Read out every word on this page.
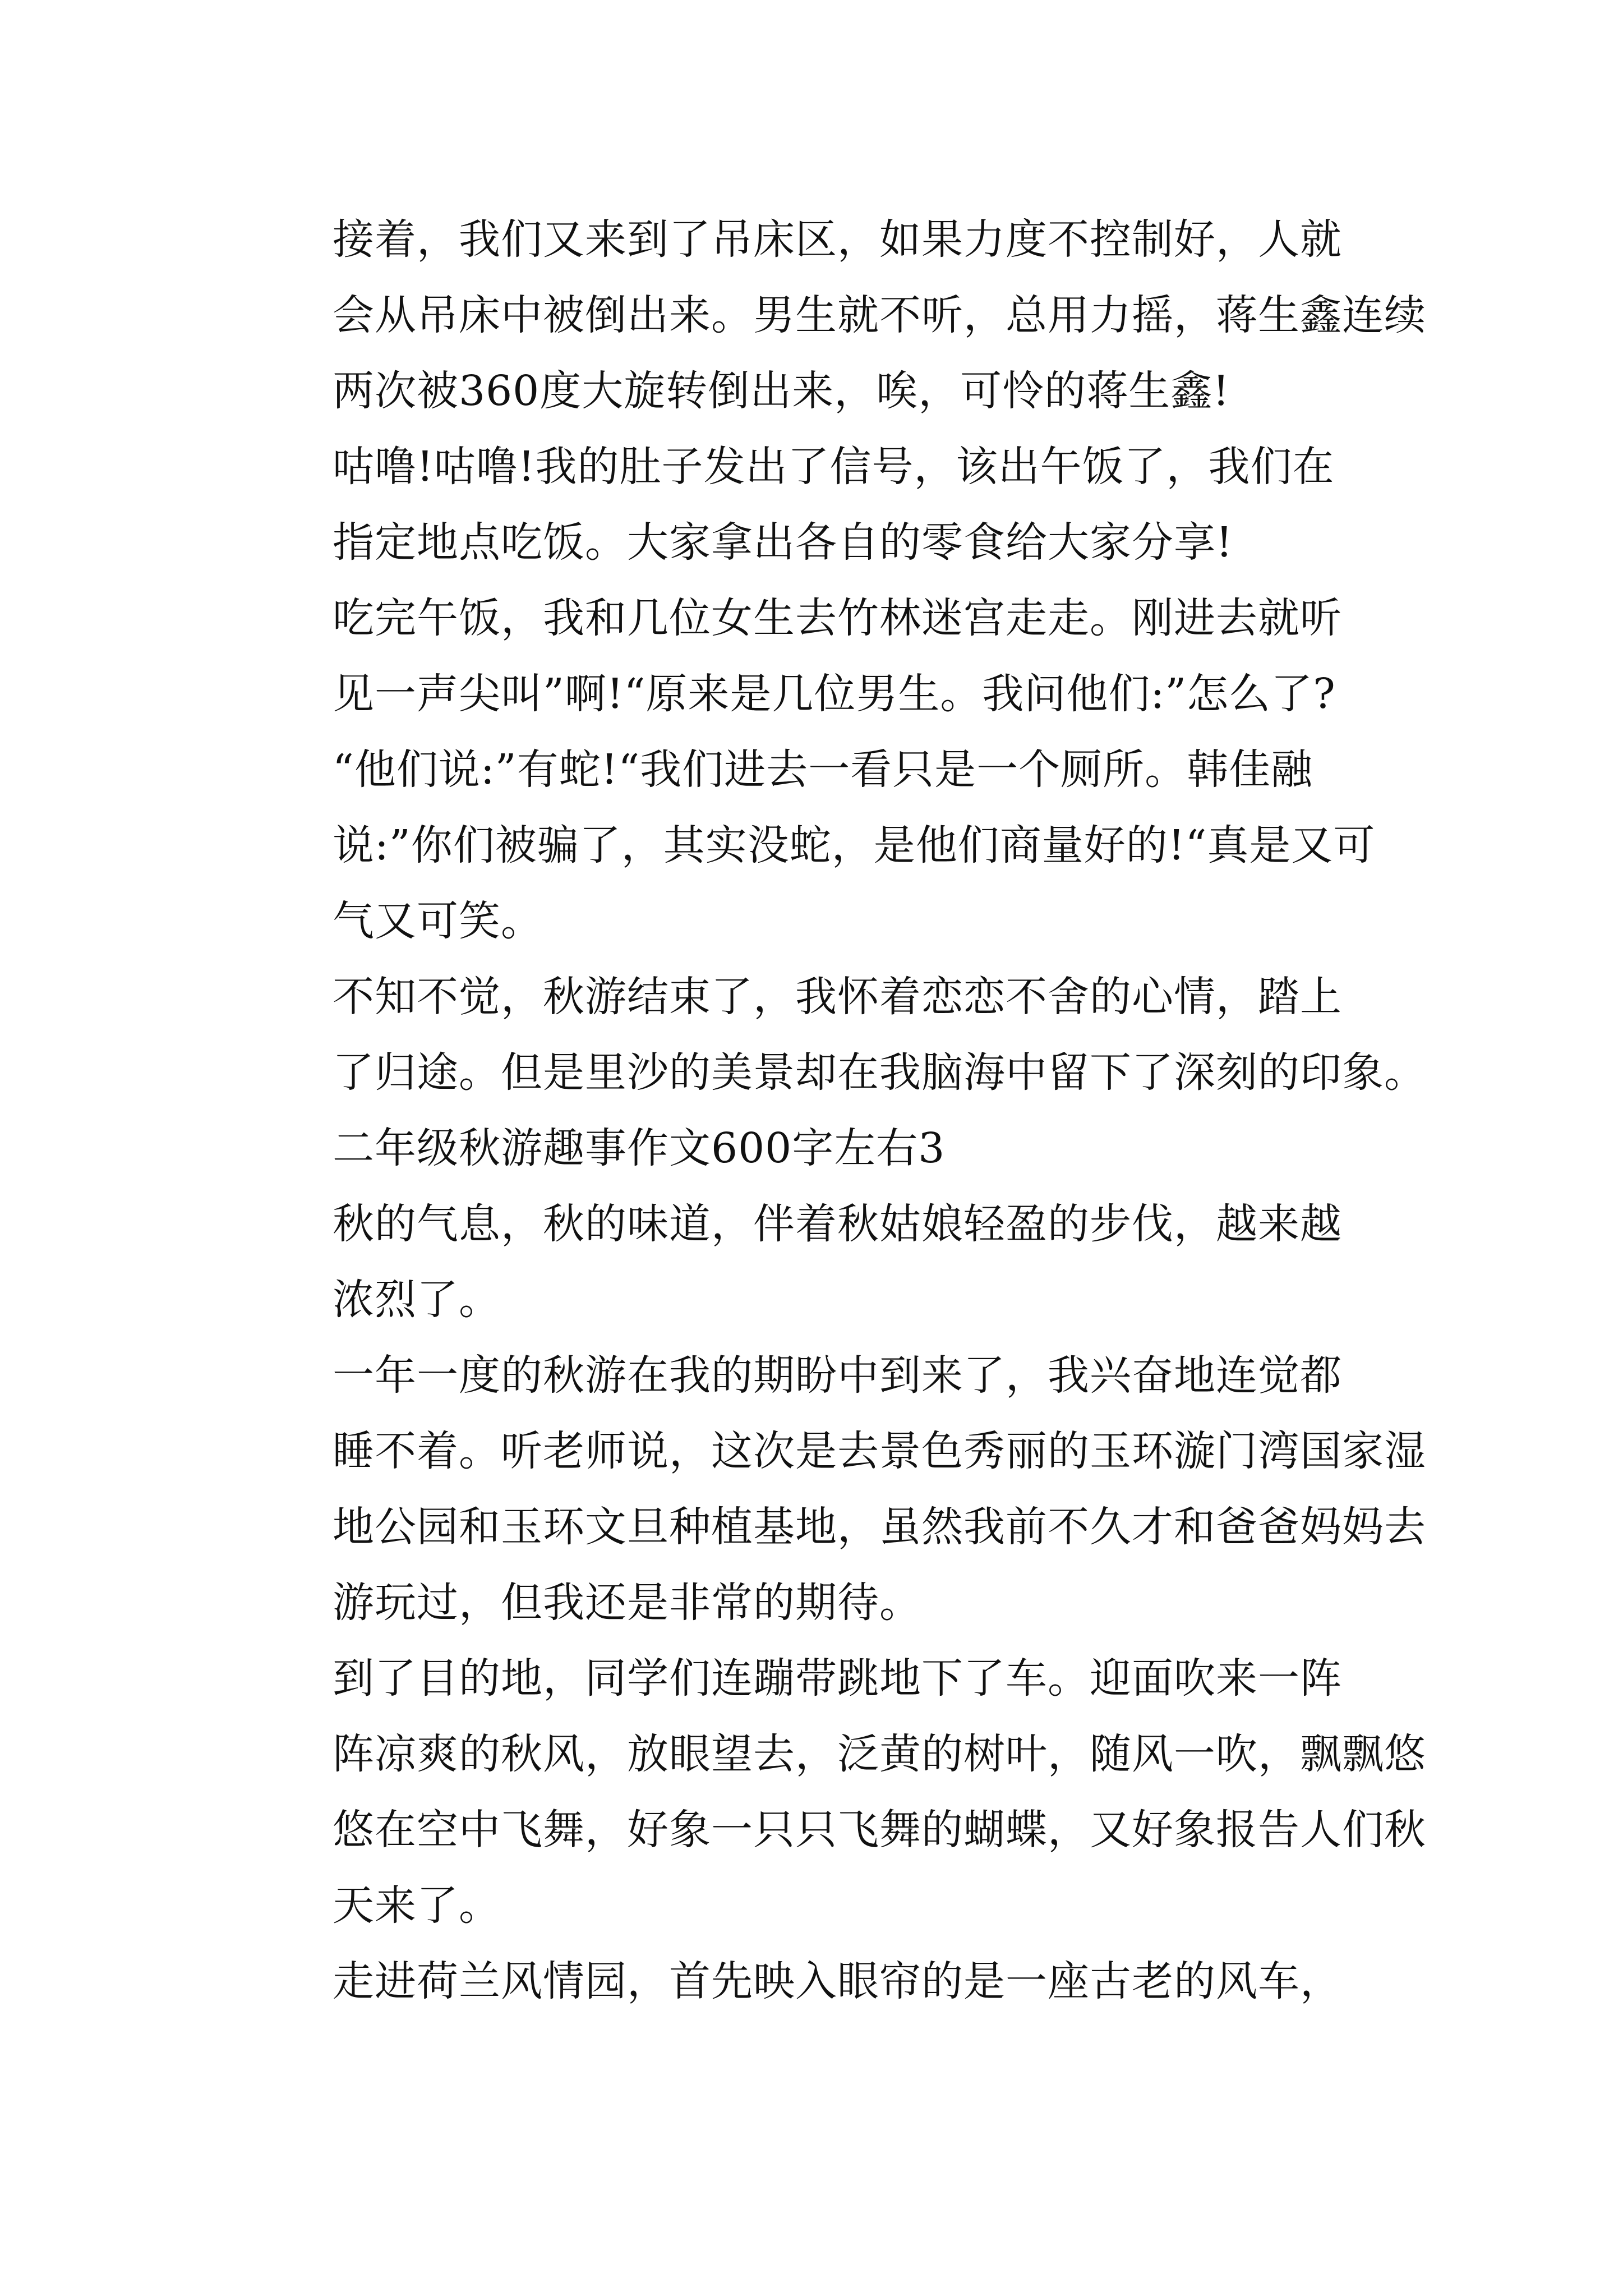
接着，我们又来到了吊床区，如果力度不控制好，人就
会从吊床中被倒出来。男生就不听，总用力摇，蒋生鑫连续
两次被360度大旋转倒出来，唉，可怜的蒋生鑫!

咕噜!咕噜!我的肚子发出了信号，该出午饭了，我们在
指定地点吃饭。大家拿出各自的零食给大家分享!

吃完午饭，我和几位女生去竹林迷宫走走。刚进去就听
见一声尖叫”啊!“原来是几位男生。我问他们:”怎么了?
“他们说:”有蛇!“我们进去一看只是一个厕所。韩佳融
说:”你们被骗了，其实没蛇，是他们商量好的!“真是又可
气又可笑。

不知不觉，秋游结束了，我怀着恋恋不舍的心情，踏上
了归途。但是里沙的美景却在我脑海中留下了深刻的印象。

二年级秋游趣事作文600字左右3

秋的气息，秋的味道，伴着秋姑娘轻盈的步伐，越来越
浓烈了。

一年一度的秋游在我的期盼中到来了，我兴奋地连觉都
睡不着。听老师说，这次是去景色秀丽的玉环漩门湾国家湿
地公园和玉环文旦种植基地，虽然我前不久才和爸爸妈妈去
游玩过，但我还是非常的期待。

到了目的地，同学们连蹦带跳地下了车。迎面吹来一阵
阵凉爽的秋风，放眼望去，泛黄的树叶，随风一吹，飘飘悠
悠在空中飞舞，好象一只只飞舞的蝴蝶，又好象报告人们秋
天来了。

走进荷兰风情园，首先映入眼帘的是一座古老的风车，
